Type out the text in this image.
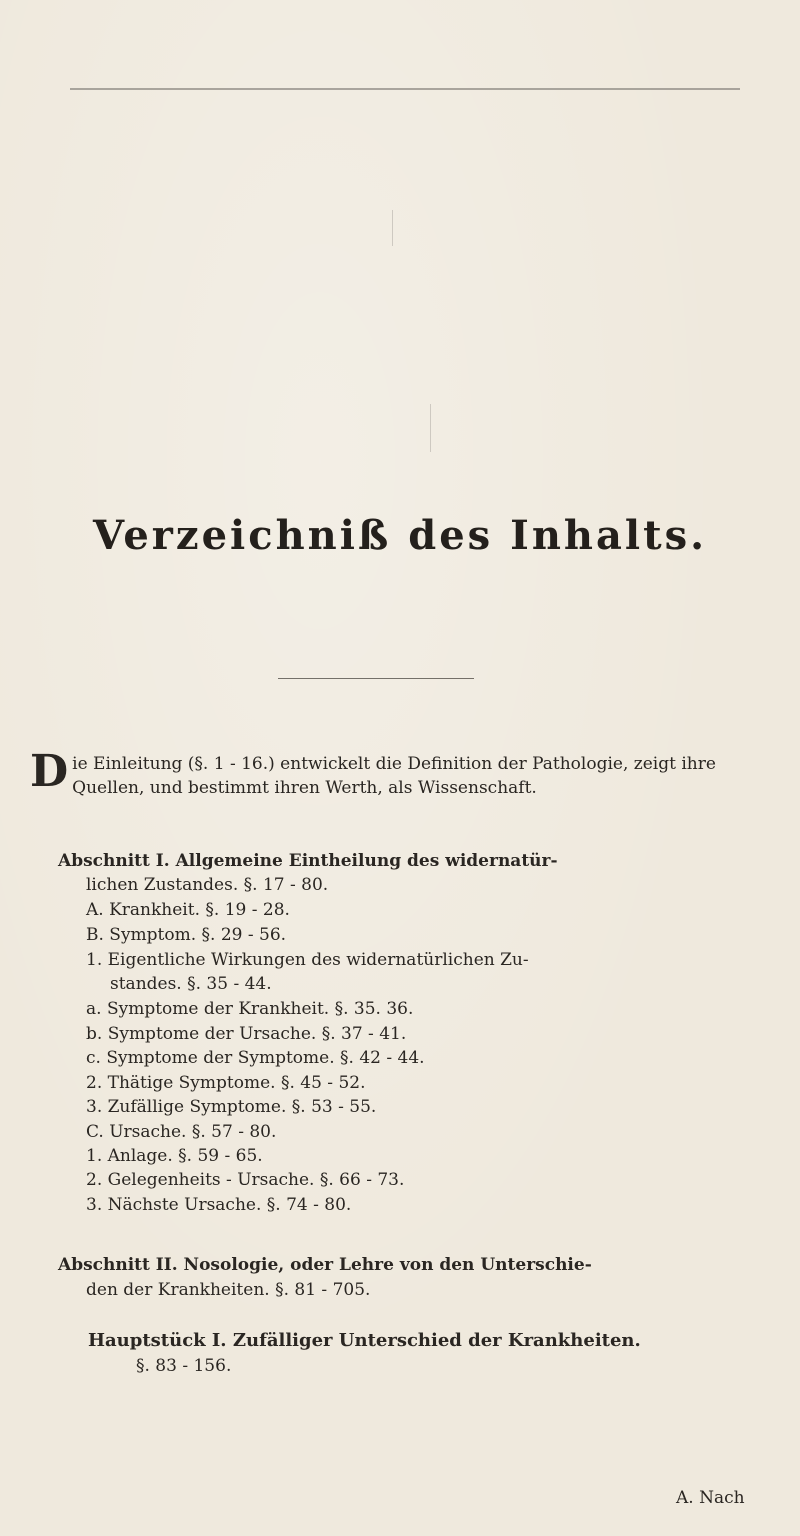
Verzeichniß des Inhalts.
Die Einleitung (§. 1 - 16.) entwickelt die Definition der Pathologie, zeigt ihre Quellen, und bestimmt ihren Werth, als Wissenschaft.
Abschnitt I. Allgemeine Eintheilung des widernatür-
lichen Zustandes. §. 17 - 80.
A. Krankheit. §. 19 - 28.
B. Symptom. §. 29 - 56.
1. Eigentliche Wirkungen des widernatürlichen Zu-
standes. §. 35 - 44.
a. Symptome der Krankheit. §. 35. 36.
b. Symptome der Ursache. §. 37 - 41.
c. Symptome der Symptome. §. 42 - 44.
2. Thätige Symptome. §. 45 - 52.
3. Zufällige Symptome. §. 53 - 55.
C. Ursache. §. 57 - 80.
1. Anlage. §. 59 - 65.
2. Gelegenheits - Ursache. §. 66 - 73.
3. Nächste Ursache. §. 74 - 80.
Abschnitt II. Nosologie, oder Lehre von den Unterschie-
den der Krankheiten. §. 81 - 705.
Hauptstück I. Zufälliger Unterschied der Krankheiten.
§. 83 - 156.
A. Nach
